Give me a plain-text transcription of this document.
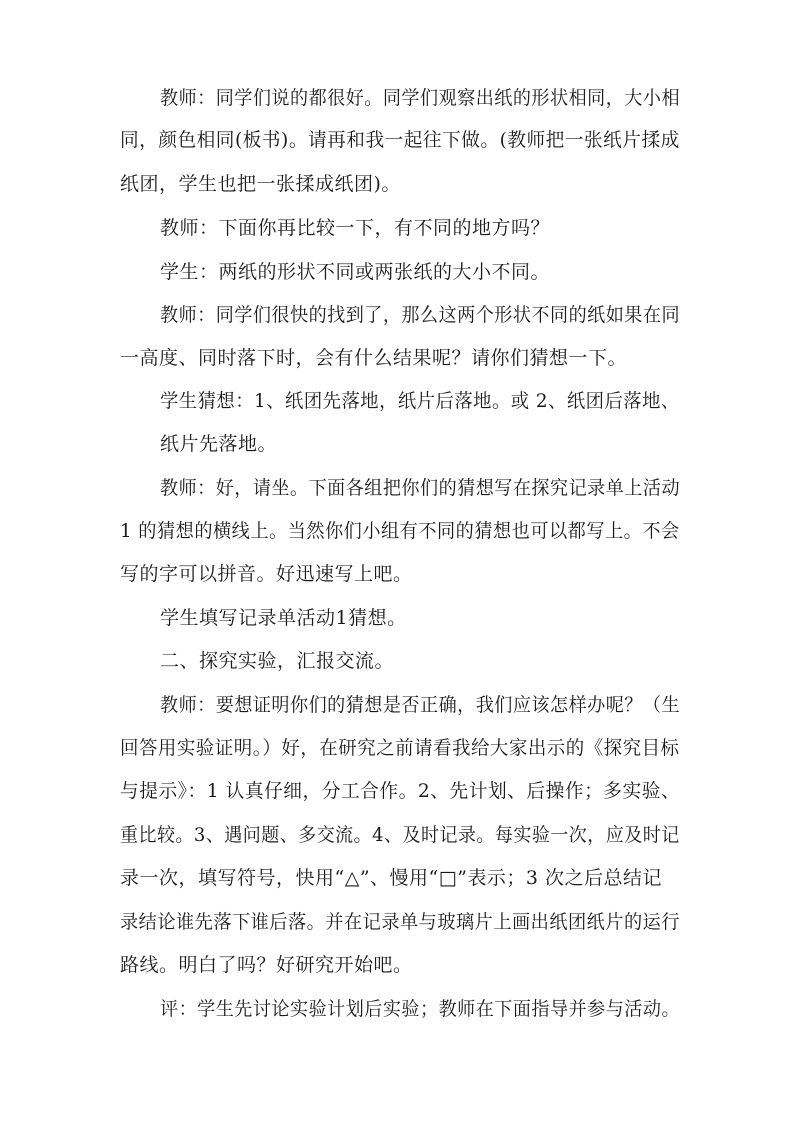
教师：同学们说的都很好。同学们观察出纸的形状相同，大小相
同，颜色相同(板书)。请再和我一起往下做。(教师把一张纸片揉成
纸团，学生也把一张揉成纸团)。
教师：下面你再比较一下，有不同的地方吗？
学生：两纸的形状不同或两张纸的大小不同。
教师：同学们很快的找到了，那么这两个形状不同的纸如果在同
一高度、同时落下时，会有什么结果呢？请你们猜想一下。
学生猜想：1、纸团先落地，纸片后落地。或 2、纸团后落地、
纸片先落地。
教师：好，请坐。下面各组把你们的猜想写在探究记录单上活动
1 的猜想的横线上。当然你们小组有不同的猜想也可以都写上。不会
写的字可以拼音。好迅速写上吧。
学生填写记录单活动1猜想。
二、探究实验，汇报交流。
教师：要想证明你们的猜想是否正确，我们应该怎样办呢？（生
回答用实验证明。）好，在研究之前请看我给大家出示的《探究目标
与提示》：1 认真仔细，分工合作。2、先计划、后操作；多实验、
重比较。3、遇问题、多交流。4、及时记录。每实验一次，应及时记
录一次，填写符号，快用“△”、慢用“□”表示；3 次之后总结记
录结论谁先落下谁后落。并在记录单与玻璃片上画出纸团纸片的运行
路线。明白了吗？好研究开始吧。
评：学生先讨论实验计划后实验；教师在下面指导并参与活动。
